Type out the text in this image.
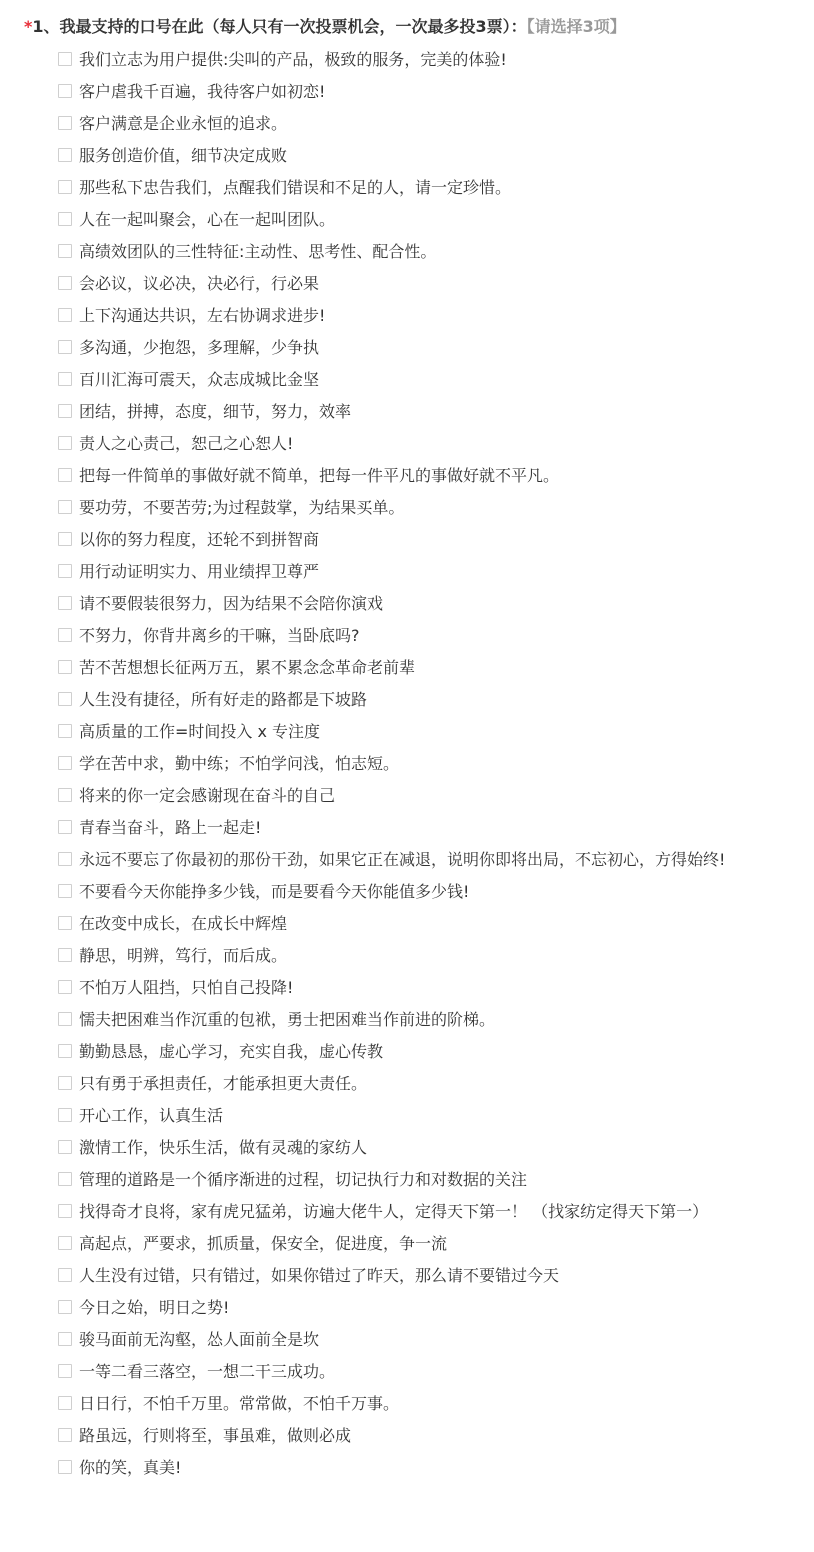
*1、我最支持的口号在此（每人只有一次投票机会，一次最多投3票）：【请选择3项】
我们立志为用户提供:尖叫的产品，极致的服务，完美的体验!
客户虐我千百遍，我待客户如初恋!
客户满意是企业永恒的追求。
服务创造价值，细节决定成败
那些私下忠告我们，点醒我们错误和不足的人，请一定珍惜。
人在一起叫聚会，心在一起叫团队。
高绩效团队的三性特征:主动性、思考性、配合性。
会必议，议必决，决必行，行必果
上下沟通达共识，左右协调求进步!
多沟通，少抱怨，多理解，少争执
百川汇海可震天，众志成城比金坚
团结，拼搏，态度，细节，努力，效率
责人之心责己，恕己之心恕人!
把每一件简单的事做好就不简单，把每一件平凡的事做好就不平凡。
要功劳，不要苦劳;为过程鼓掌，为结果买单。
以你的努力程度，还轮不到拼智商
用行动证明实力、用业绩捍卫尊严
请不要假装很努力，因为结果不会陪你演戏
不努力，你背井离乡的干嘛，当卧底吗?
苦不苦想想长征两万五，累不累念念革命老前辈
人生没有捷径，所有好走的路都是下坡路
高质量的工作=时间投入 x 专注度
学在苦中求，勤中练；不怕学问浅，怕志短。
将来的你一定会感谢现在奋斗的自己
青春当奋斗，路上一起走!
永远不要忘了你最初的那份干劲，如果它正在减退，说明你即将出局，不忘初心，方得始终!
不要看今天你能挣多少钱，而是要看今天你能值多少钱!
在改变中成长，在成长中辉煌
静思，明辨，笃行，而后成。
不怕万人阻挡，只怕自己投降!
懦夫把困难当作沉重的包袱，勇士把困难当作前进的阶梯。
勤勤恳恳，虚心学习，充实自我，虚心传教
只有勇于承担责任，才能承担更大责任。
开心工作，认真生活
激情工作，快乐生活，做有灵魂的家纺人
管理的道路是一个循序渐进的过程，切记执行力和对数据的关注
找得奇才良将，家有虎兄猛弟，访遍大佬牛人，定得天下第一！ （找家纺定得天下第一）
高起点，严要求，抓质量，保安全，促进度，争一流
人生没有过错，只有错过，如果你错过了昨天，那么请不要错过今天
今日之始，明日之势!
骏马面前无沟壑，怂人面前全是坎
一等二看三落空，一想二干三成功。
日日行，不怕千万里。常常做，不怕千万事。
路虽远，行则将至，事虽难，做则必成
你的笑，真美!
